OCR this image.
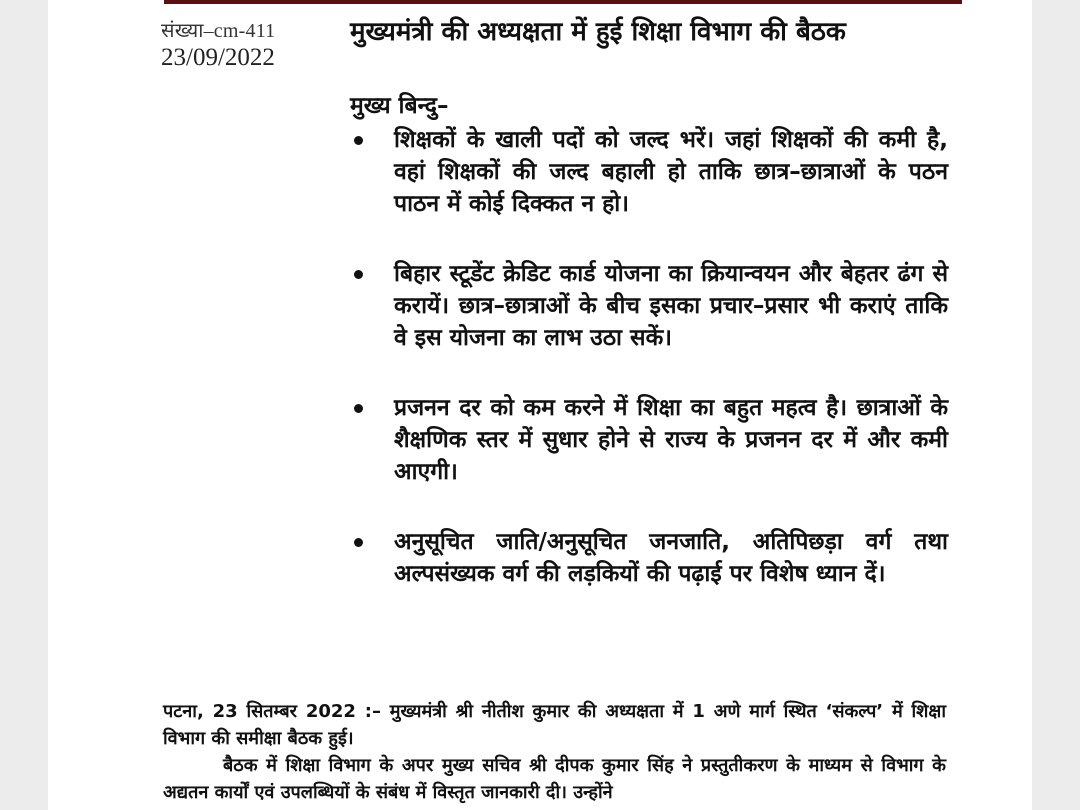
संख्या–cm-411
23/09/2022
मुख्यमंत्री की अध्यक्षता में हुई शिक्षा विभाग की बैठक
मुख्य बिन्दु–
शिक्षकों के खाली पदों को जल्द भरें। जहां शिक्षकों की कमी है, वहां शिक्षकों की जल्द बहाली हो ताकि छात्र–छात्राओं के पठन पाठन में कोई दिक्कत न हो।
बिहार स्टूडेंट क्रेडिट कार्ड योजना का क्रियान्वयन और बेहतर ढंग से करायें। छात्र–छात्राओं के बीच इसका प्रचार–प्रसार भी कराएं ताकि वे इस योजना का लाभ उठा सकें।
प्रजनन दर को कम करने में शिक्षा का बहुत महत्व है। छात्राओं के शैक्षणिक स्तर में सुधार होने से राज्य के प्रजनन दर में और कमी आएगी।
अनुसूचित जाति/अनुसूचित जनजाति, अतिपिछड़ा वर्ग तथा अल्पसंख्यक वर्ग की लड़कियों की पढ़ाई पर विशेष ध्यान दें।

पटना, 23 सितम्बर 2022 :– मुख्यमंत्री श्री नीतीश कुमार की अध्यक्षता में 1 अणे मार्ग स्थित ‘संकल्प’ में शिक्षा विभाग की समीक्षा बैठक हुई।

बैठक में शिक्षा विभाग के अपर मुख्य सचिव श्री दीपक कुमार सिंह ने प्रस्तुतीकरण के माध्यम से विभाग के अद्यतन कार्यों एवं उपलब्धियों के संबंध में विस्तृत जानकारी दी। उन्होंने
